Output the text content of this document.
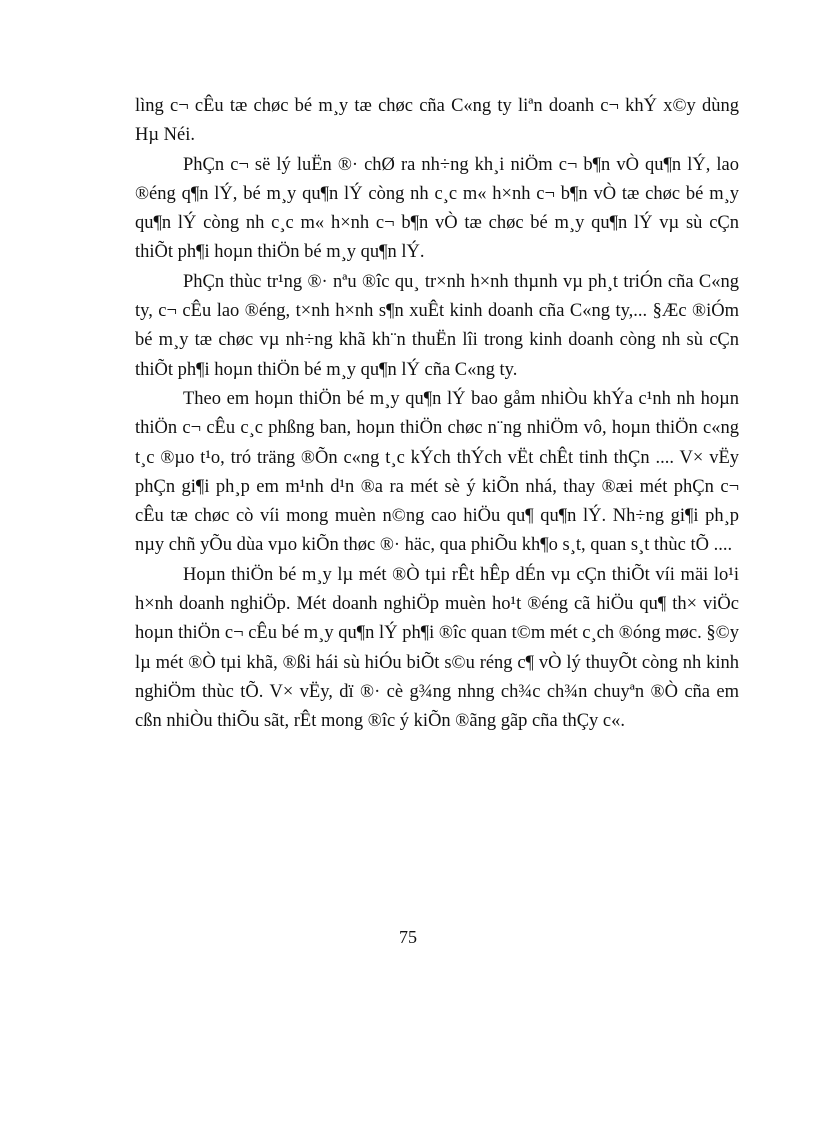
lìng c¬ cÊu tæ chøc bé m¸y tæ chøc cña C«ng ty liªn doanh c¬ khÝ x©y dùng Hµ Néi.

PhÇn c¬ së lý luËn ®· chØ ra nh÷ng kh¸i niÖm c¬ b¶n vÒ qu¶n lÝ, lao ®éng q¶n lÝ, bé m¸y qu¶n lÝ còng nh c¸c m« h×nh c¬ b¶n vÒ tæ chøc bé m¸y qu¶n lÝ còng nh c¸c m« h×nh c¬ b¶n vÒ tæ chøc bé m¸y qu¶n lÝ vµ sù cÇn thiÕt ph¶i hoµn thiÖn bé m¸y qu¶n lÝ.

PhÇn thùc tr¹ng ®· nªu ®îc qu¸ tr×nh h×nh thµnh vµ ph¸t triÓn cña C«ng ty, c¬ cÊu lao ®éng, t×nh h×nh s¶n xuÊt kinh doanh cña C«ng ty,... §Æc ®iÓm bé m¸y tæ chøc vµ nh÷ng khã kh¨n thuËn lîi trong kinh doanh còng nh sù cÇn thiÕt ph¶i hoµn thiÖn bé m¸y qu¶n lÝ cña C«ng ty.

Theo em hoµn thiÖn bé m¸y qu¶n lÝ bao gåm nhiÒu khÝa c¹nh nh hoµn thiÖn c¬ cÊu c¸c phßng ban, hoµn thiÖn chøc n¨ng nhiÖm vô, hoµn thiÖn c«ng t¸c ®µo t¹o, tró träng ®Õn c«ng t¸c kÝch thÝch vËt chÊt tinh thÇn .... V× vËy phÇn gi¶i ph¸p em m¹nh d¹n ®a ra mét sè ý kiÕn nhá, thay ®æi mét phÇn c¬ cÊu tæ chøc cò víi mong muèn n©ng cao hiÖu qu¶ qu¶n lÝ. Nh÷ng gi¶i ph¸p nµy chñ yÕu dùa vµo kiÕn thøc ®· häc, qua phiÕu kh¶o s¸t, quan s¸t thùc tÕ ....

Hoµn thiÖn bé m¸y lµ mét ®Ò tµi rÊt hÊp dÉn vµ cÇn thiÕt víi mäi lo¹i h×nh doanh nghiÖp. Mét doanh nghiÖp muèn ho¹t ®éng cã hiÖu qu¶ th× viÖc hoµn thiÖn c¬ cÊu bé m¸y qu¶n lÝ ph¶i ®îc quan t©m mét c¸ch ®óng møc. §©y lµ mét ®Ò tµi khã, ®ßi hái sù hiÓu biÕt s©u réng c¶ vÒ lý thuyÕt còng nh kinh nghiÖm thùc tÕ. V× vËy, dï ®· cè g¾ng nhng ch¾c ch¾n chuyªn ®Ò cña em cßn nhiÒu thiÕu sãt, rÊt mong ®îc ý kiÕn ®ãng gãp cña thÇy c«.

75
